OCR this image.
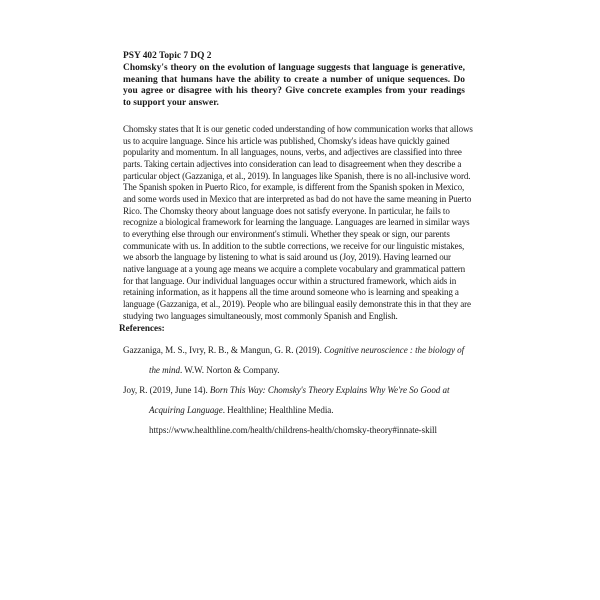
PSY 402 Topic 7 DQ 2
Chomsky's theory on the evolution of language suggests that language is generative, meaning that humans have the ability to create a number of unique sequences. Do you agree or disagree with his theory? Give concrete examples from your readings to support your answer.
Chomsky states that It is our genetic coded understanding of how communication works that allows us to acquire language. Since his article was published, Chomsky's ideas have quickly gained popularity and momentum. In all languages, nouns, verbs, and adjectives are classified into three parts. Taking certain adjectives into consideration can lead to disagreement when they describe a particular object (Gazzaniga, et al., 2019). In languages like Spanish, there is no all-inclusive word. The Spanish spoken in Puerto Rico, for example, is different from the Spanish spoken in Mexico, and some words used in Mexico that are interpreted as bad do not have the same meaning in Puerto Rico. The Chomsky theory about language does not satisfy everyone. In particular, he fails to recognize a biological framework for learning the language. Languages are learned in similar ways to everything else through our environment's stimuli. Whether they speak or sign, our parents communicate with us. In addition to the subtle corrections, we receive for our linguistic mistakes, we absorb the language by listening to what is said around us (Joy, 2019). Having learned our native language at a young age means we acquire a complete vocabulary and grammatical pattern for that language. Our individual languages occur within a structured framework, which aids in retaining information, as it happens all the time around someone who is learning and speaking a language (Gazzaniga, et al., 2019). People who are bilingual easily demonstrate this in that they are studying two languages simultaneously, most commonly Spanish and English.
References:
Gazzaniga, M. S., Ivry, R. B., & Mangun, G. R. (2019). Cognitive neuroscience : the biology of the mind. W.W. Norton & Company.
Joy, R. (2019, June 14). Born This Way: Chomsky's Theory Explains Why We're So Good at Acquiring Language. Healthline; Healthline Media.
https://www.healthline.com/health/childrens-health/chomsky-theory#innate-skill
